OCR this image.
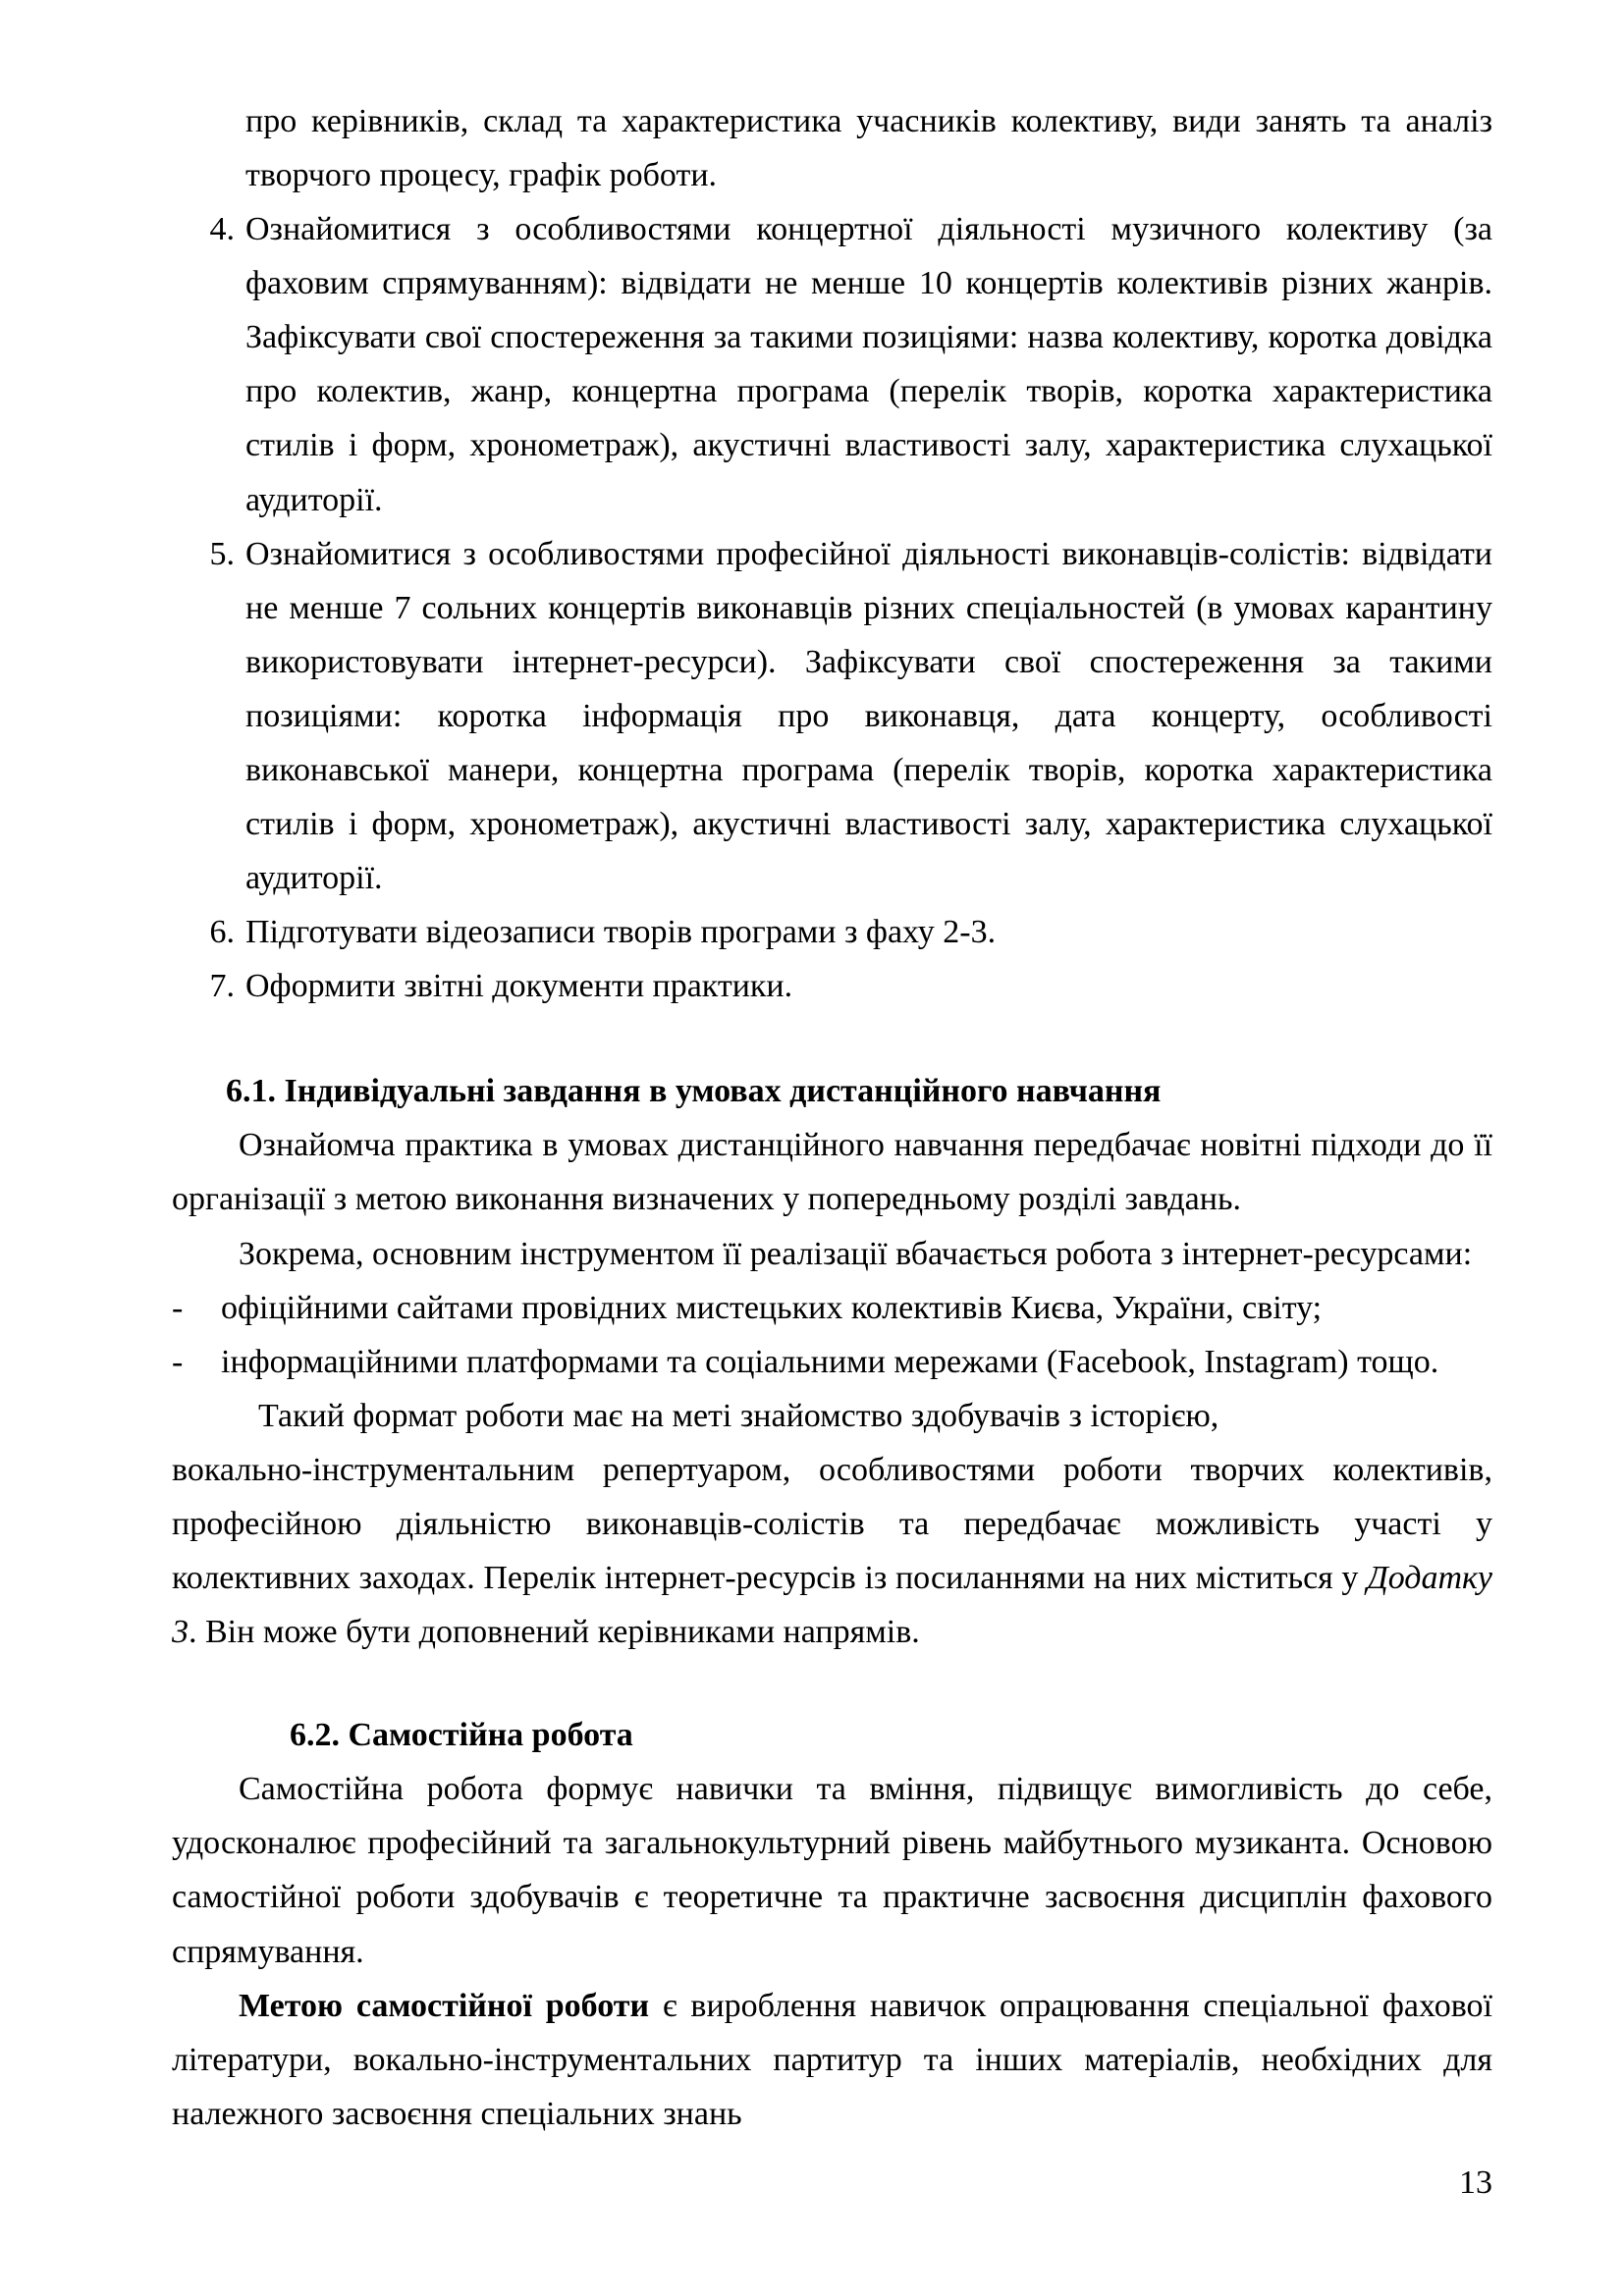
про керівників, склад та характеристика учасників колективу, види занять та аналіз творчого процесу, графік роботи.

4. Ознайомитися з особливостями концертної діяльності музичного колективу (за фаховим спрямуванням): відвідати не менше 10 концертів колективів різних жанрів. Зафіксувати свої спостереження за такими позиціями: назва колективу, коротка довідка про колектив, жанр, концертна програма (перелік творів, коротка характеристика стилів і форм, хронометраж), акустичні властивості залу, характеристика слухацької аудиторії.
5. Ознайомитися з особливостями професійної діяльності виконавців-солістів: відвідати не менше 7 сольних концертів виконавців різних спеціальностей (в умовах карантину використовувати інтернет-ресурси). Зафіксувати свої спостереження за такими позиціями: коротка інформація про виконавця, дата концерту, особливості виконавської манери, концертна програма (перелік творів, коротка характеристика стилів і форм, хронометраж), акустичні властивості залу, характеристика слухацької аудиторії.
6. Підготувати відеозаписи творів програми з фаху 2-3.
7. Оформити звітні документи практики.
6.1. Індивідуальні завдання в умовах дистанційного навчання

Ознайомча практика в умовах дистанційного навчання передбачає новітні підходи до її організації з метою виконання визначених у попередньому розділі завдань.

Зокрема, основним інструментом її реалізації вбачається робота з інтернет-ресурсами:

- офіційними сайтами провідних мистецьких колективів Києва, України, світу;
- інформаційними платформами та соціальними мережами (Facebook, Instagram) тощо.

Такий формат роботи має на меті знайомство здобувачів з історією,

вокально-інструментальним репертуаром, особливостями роботи творчих колективів, професійною діяльністю виконавців-солістів та передбачає можливість участі у колективних заходах. Перелік інтернет-ресурсів із посиланнями на них міститься у Додатку 3. Він може бути доповнений керівниками напрямів.

6.2. Самостійна робота

Самостійна робота формує навички та вміння, підвищує вимогливість до себе, удосконалює професійний та загальнокультурний рівень майбутнього музиканта. Основою самостійної роботи здобувачів є теоретичне та практичне засвоєння дисциплін фахового спрямування.

Метою самостійної роботи є вироблення навичок опрацювання спеціальної фахової літератури, вокально-інструментальних партитур та інших матеріалів, необхідних для належного засвоєння спеціальних знань

13
